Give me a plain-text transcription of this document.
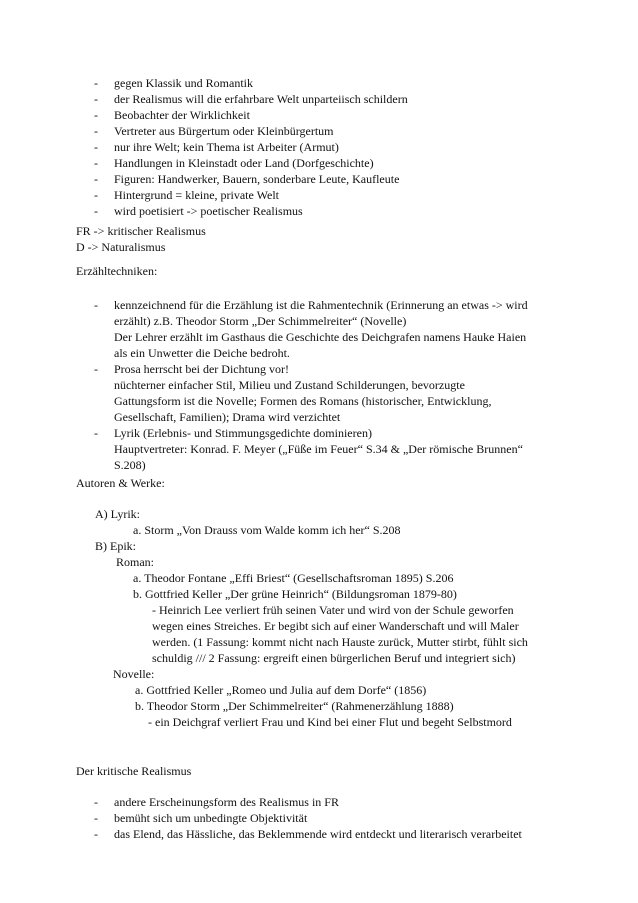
- gegen Klassik und Romantik
- der Realismus will die erfahrbare Welt unparteiisch schildern
- Beobachter der Wirklichkeit
- Vertreter aus Bürgertum oder Kleinbürgertum
- nur ihre Welt; kein Thema ist Arbeiter (Armut)
- Handlungen in Kleinstadt oder Land (Dorfgeschichte)
- Figuren: Handwerker, Bauern, sonderbare Leute, Kaufleute
- Hintergrund = kleine, private Welt
- wird poetisiert -> poetischer Realismus
FR -> kritischer Realismus
D -> Naturalismus
Erzähltechniken:
- kennzeichnend für die Erzählung ist die Rahmentechnik (Erinnerung an etwas -> wird
erzählt) z.B. Theodor Storm „Der Schimmelreiter“ (Novelle)
Der Lehrer erzählt im Gasthaus die Geschichte des Deichgrafen namens Hauke Haien
als ein Unwetter die Deiche bedroht.
- Prosa herrscht bei der Dichtung vor!
nüchterner einfacher Stil, Milieu und Zustand Schilderungen, bevorzugte
Gattungsform ist die Novelle; Formen des Romans (historischer, Entwicklung,
Gesellschaft, Familien); Drama wird verzichtet
- Lyrik (Erlebnis- und Stimmungsgedichte dominieren)
Hauptvertreter: Konrad. F. Meyer („Füße im Feuer“ S.34 & „Der römische Brunnen“
S.208)
Autoren & Werke:
A) Lyrik:
a. Storm „Von Drauss vom Walde komm ich her“ S.208
B) Epik:
Roman:
a. Theodor Fontane „Effi Briest“ (Gesellschaftsroman 1895) S.206
b. Gottfried Keller „Der grüne Heinrich“ (Bildungsroman 1879-80)
- Heinrich Lee verliert früh seinen Vater und wird von der Schule geworfen
wegen eines Streiches. Er begibt sich auf einer Wanderschaft und will Maler
werden. (1 Fassung: kommt nicht nach Hauste zurück, Mutter stirbt, fühlt sich
schuldig /// 2 Fassung: ergreift einen bürgerlichen Beruf und integriert sich)
Novelle:
a. Gottfried Keller „Romeo und Julia auf dem Dorfe“ (1856)
b. Theodor Storm „Der Schimmelreiter“ (Rahmenerzählung 1888)
- ein Deichgraf verliert Frau und Kind bei einer Flut und begeht Selbstmord
Der kritische Realismus
- andere Erscheinungsform des Realismus in FR
- bemüht sich um unbedingte Objektivität
- das Elend, das Hässliche, das Beklemmende wird entdeckt und literarisch verarbeitet
